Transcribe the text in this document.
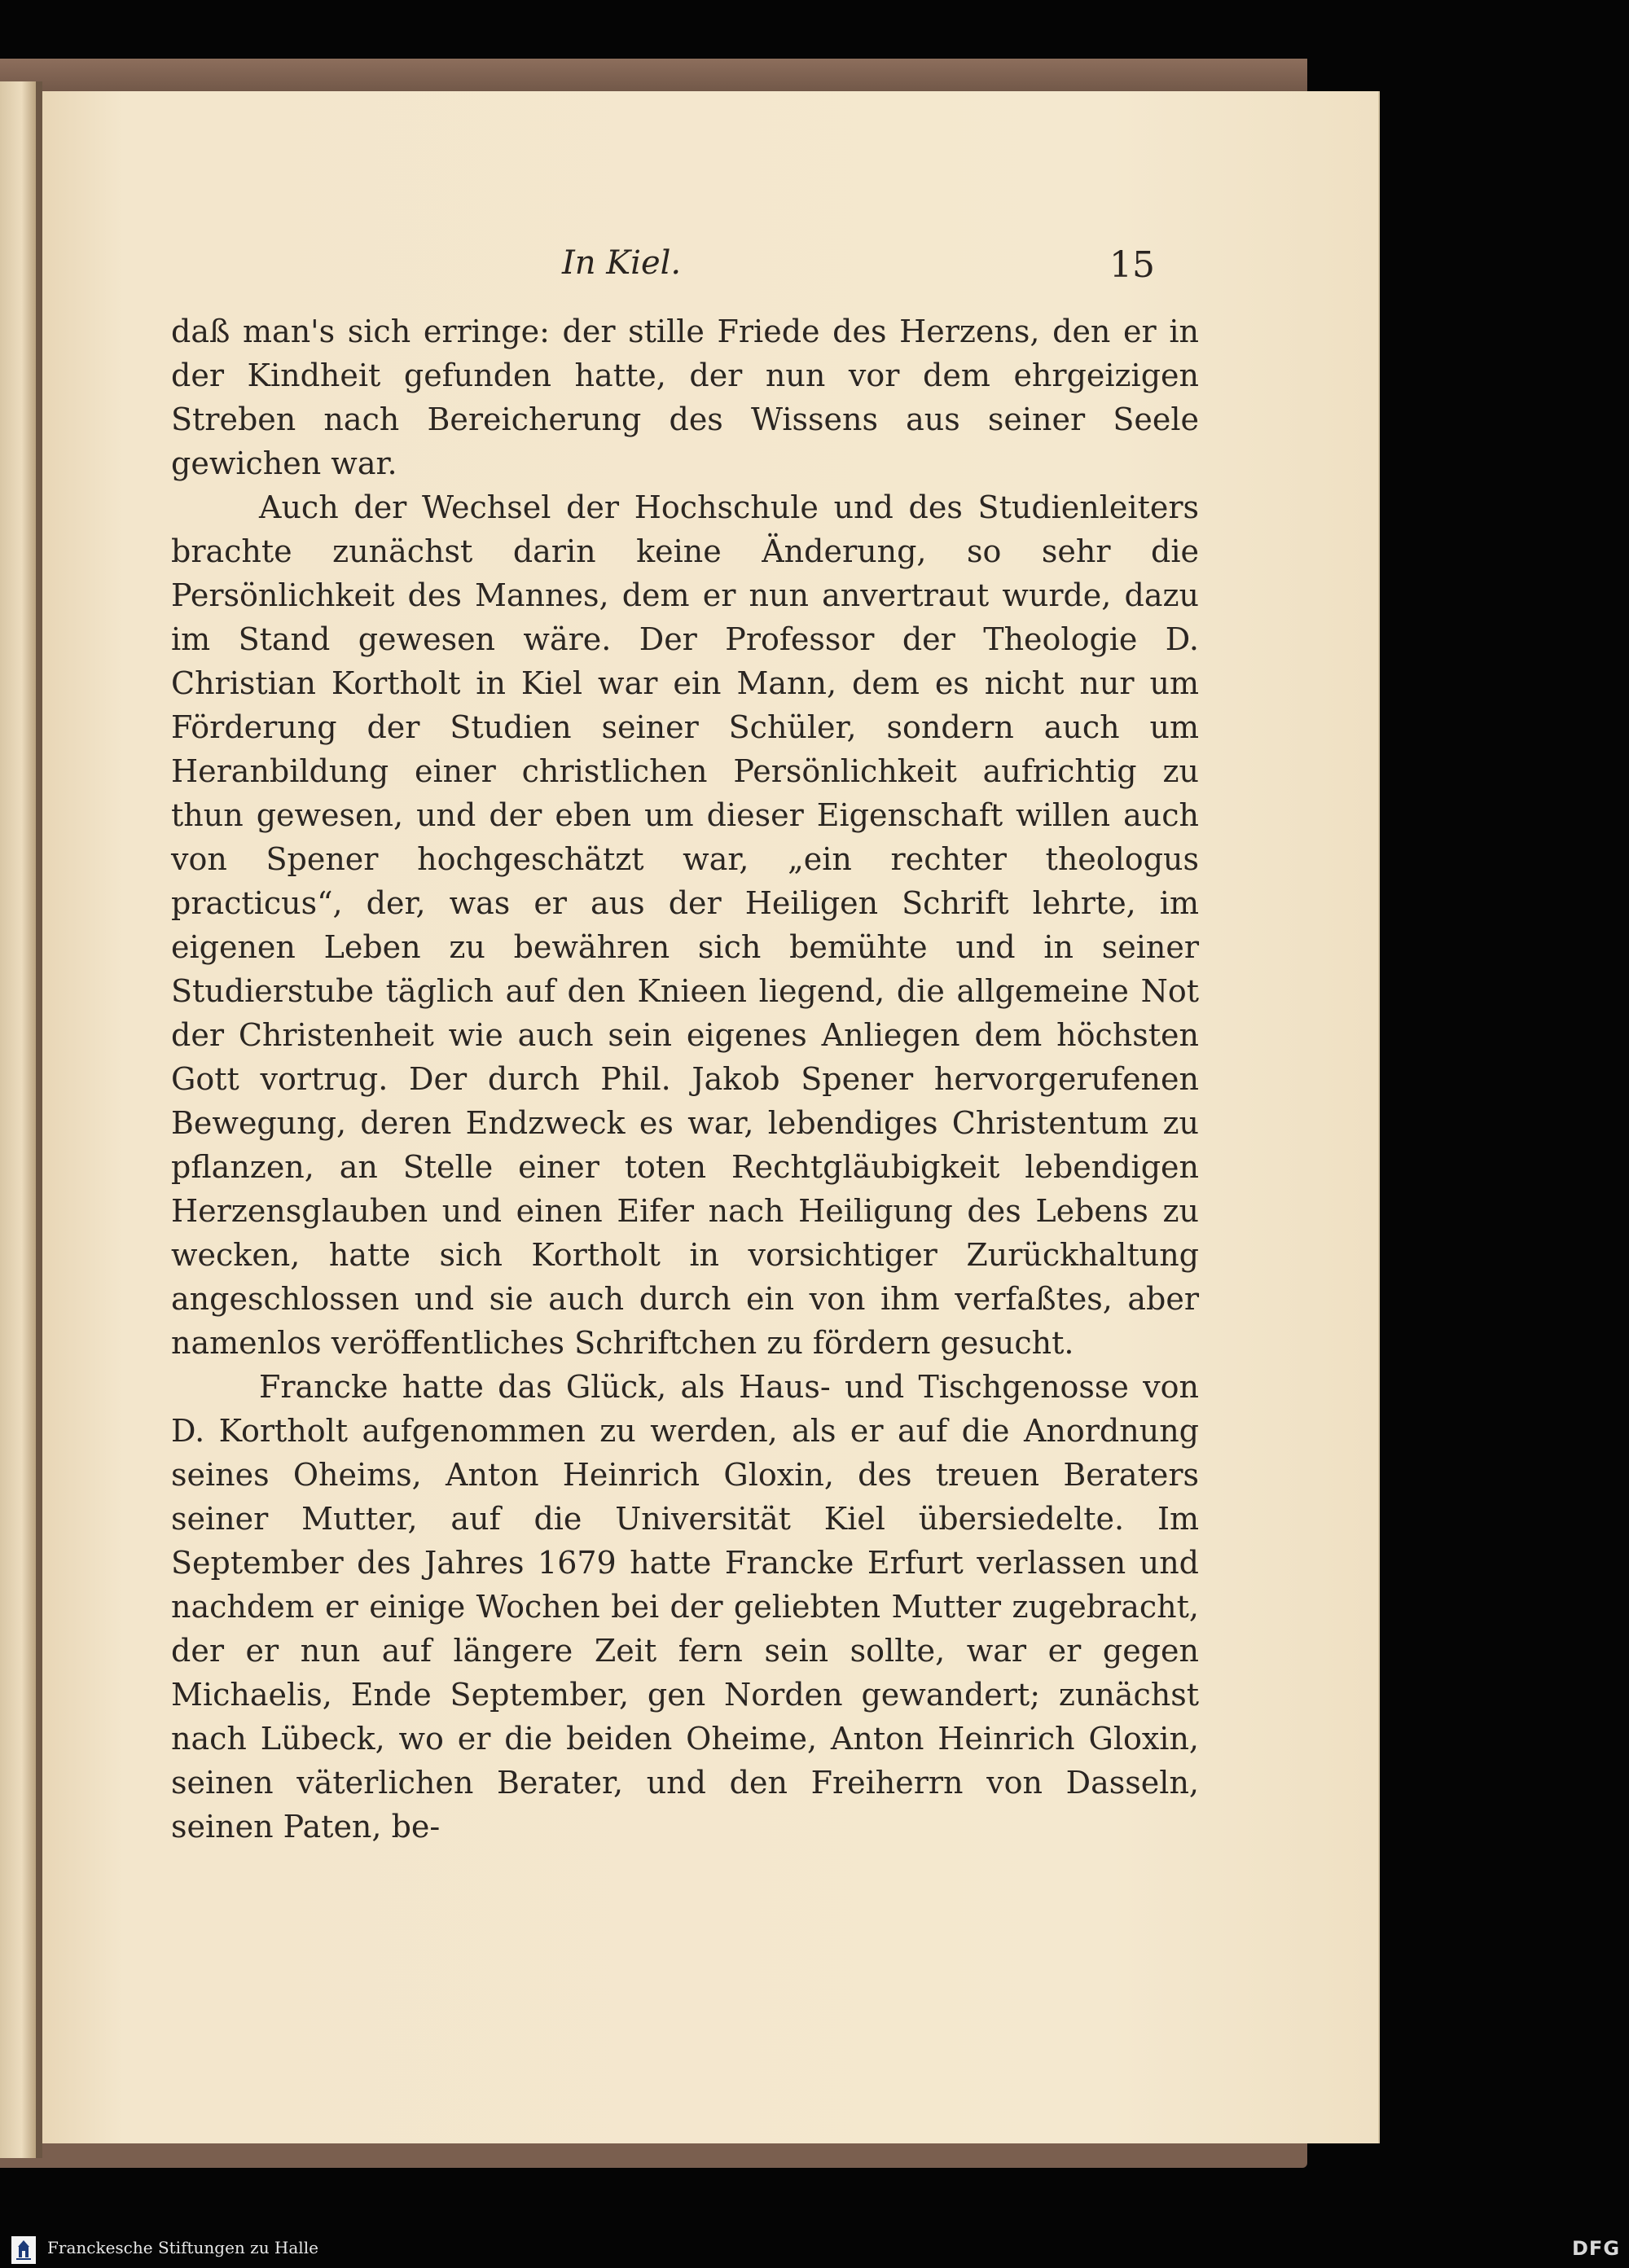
In Kiel.	15

daß man's sich erringe: der stille Friede des Herzens, den er in der Kindheit gefunden hatte, der nun vor dem ehrgeizigen Streben nach Bereicherung des Wissens aus seiner Seele gewichen war.

Auch der Wechsel der Hochschule und des Studienleiters brachte zunächst darin keine Änderung, so sehr die Persönlichkeit des Mannes, dem er nun anvertraut wurde, dazu im Stand gewesen wäre. Der Professor der Theologie D. Christian Kortholt in Kiel war ein Mann, dem es nicht nur um Förderung der Studien seiner Schüler, sondern auch um Heranbildung einer christlichen Persönlichkeit aufrichtig zu thun gewesen, und der eben um dieser Eigenschaft willen auch von Spener hochgeschätzt war, „ein rechter theologus practicus“, der, was er aus der Heiligen Schrift lehrte, im eigenen Leben zu bewähren sich bemühte und in seiner Studierstube täglich auf den Knieen liegend, die allgemeine Not der Christenheit wie auch sein eigenes Anliegen dem höchsten Gott vortrug. Der durch Phil. Jakob Spener hervorgerufenen Bewegung, deren Endzweck es war, lebendiges Christentum zu pflanzen, an Stelle einer toten Rechtgläubigkeit lebendigen Herzensglauben und einen Eifer nach Heiligung des Lebens zu wecken, hatte sich Kortholt in vorsichtiger Zurückhaltung angeschlossen und sie auch durch ein von ihm verfaßtes, aber namenlos veröffentliches Schriftchen zu fördern gesucht.

Francke hatte das Glück, als Haus- und Tischgenosse von D. Kortholt aufgenommen zu werden, als er auf die Anordnung seines Oheims, Anton Heinrich Gloxin, des treuen Beraters seiner Mutter, auf die Universität Kiel übersiedelte. Im September des Jahres 1679 hatte Francke Erfurt verlassen und nachdem er einige Wochen bei der geliebten Mutter zugebracht, der er nun auf längere Zeit fern sein sollte, war er gegen Michaelis, Ende September, gen Norden gewandert; zunächst nach Lübeck, wo er die beiden Oheime, Anton Heinrich Gloxin, seinen väterlichen Berater, und den Freiherrn von Dasseln, seinen Paten, be-

Franckesche Stiftungen zu Halle	DFG
